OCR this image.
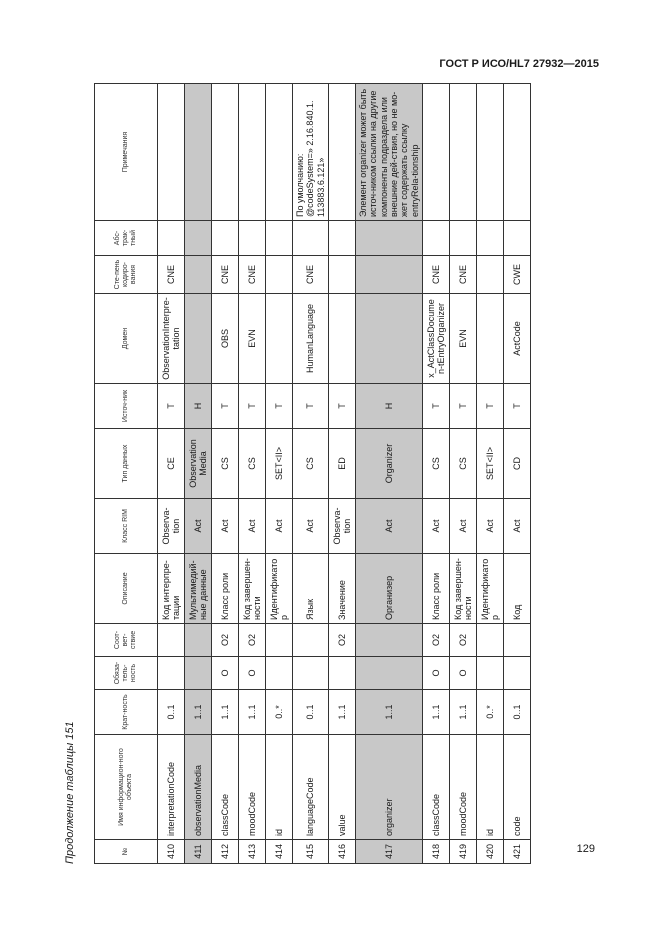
ГОСТ Р ИСО/HL7 27932—2015
Продолжение таблицы 151	№	Имя информацион-ного объекта	Крат-ность	Обяза-тель-ность	Соот-вет-ствие	Описание	Класс RIM	Тип данных	Источ-ник	Домен	Сте-пень кодиро-вания	Абс-трак-тный	Примечания
410	interpretationCode	0..1			Код интерпре-тации	Observa-tion	CE	T	ObservationInterpre-tation	CNE		
411	observationMedia	1..1			Мультимедий-ные данные	Act	Observation Media	H				
412	classCode	1..1	O	O2	Класс роли	Act	CS	T	OBS	CNE		
413	moodCode	1..1	O	O2	Код завершен-ности	Act	CS	T	EVN	CNE		
414	id	0..*			Идентификатор	Act	SET<II>	T				
415	languageCode	0..1			Язык	Act	CS	T	HumanLanguage	CNE		По умолчанию: @codeSystem=» 2.16.840.1. 113883.6.121»
416	value	1..1		O2	Значение	Observa-tion	ED	T				
417	organizer	1..1			Организер	Act	Organizer	H				Элемент organizer может быть источ-ником ссылки на другие компоненты подраздела или внешние дей-ствия, но не мо-жет содержать ссылку entryRela-tionship
418	classCode	1..1	O	O2	Класс роли	Act	CS	T	x_ActClassDocumen-tEntryOrganizer	CNE		
419	moodCode	1..1	O	O2	Код завершен-ности	Act	CS	T	EVN	CNE		
420	id	0..*			Идентификатор	Act	SET<II>	T				
421	code	0..1			Код	Act	CD	T	ActCode	CWE		
129
